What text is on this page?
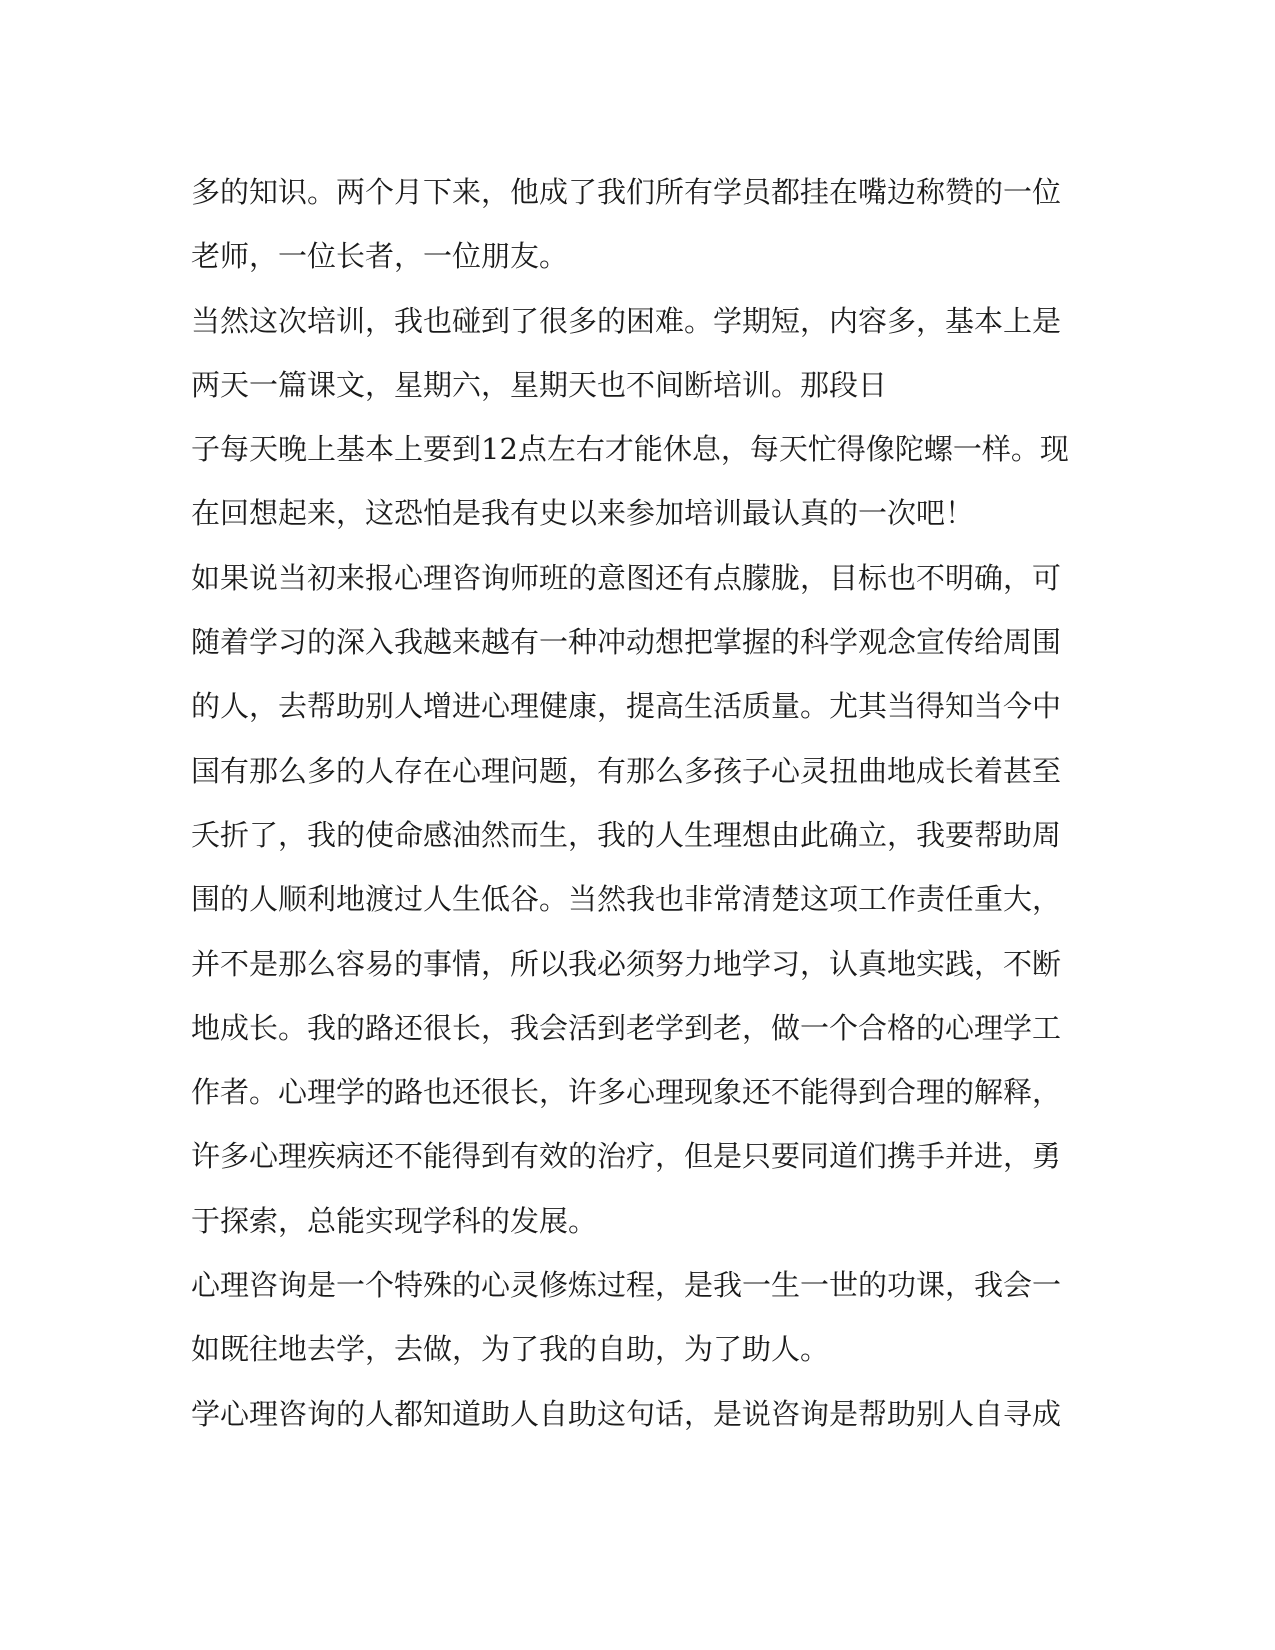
多的知识。两个月下来，他成了我们所有学员都挂在嘴边称赞的一位
老师，一位长者，一位朋友。
当然这次培训，我也碰到了很多的困难。学期短，内容多，基本上是
两天一篇课文，星期六，星期天也不间断培训。那段日
子每天晚上基本上要到12点左右才能休息，每天忙得像陀螺一样。现
在回想起来，这恐怕是我有史以来参加培训最认真的一次吧！
如果说当初来报心理咨询师班的意图还有点朦胧，目标也不明确，可
随着学习的深入我越来越有一种冲动想把掌握的科学观念宣传给周围
的人，去帮助别人增进心理健康，提高生活质量。尤其当得知当今中
国有那么多的人存在心理问题，有那么多孩子心灵扭曲地成长着甚至
夭折了，我的使命感油然而生，我的人生理想由此确立，我要帮助周
围的人顺利地渡过人生低谷。当然我也非常清楚这项工作责任重大，
并不是那么容易的事情，所以我必须努力地学习，认真地实践，不断
地成长。我的路还很长，我会活到老学到老，做一个合格的心理学工
作者。心理学的路也还很长，许多心理现象还不能得到合理的解释，
许多心理疾病还不能得到有效的治疗，但是只要同道们携手并进，勇
于探索，总能实现学科的发展。
心理咨询是一个特殊的心灵修炼过程，是我一生一世的功课，我会一
如既往地去学，去做，为了我的自助，为了助人。
学心理咨询的人都知道助人自助这句话，是说咨询是帮助别人自寻成
